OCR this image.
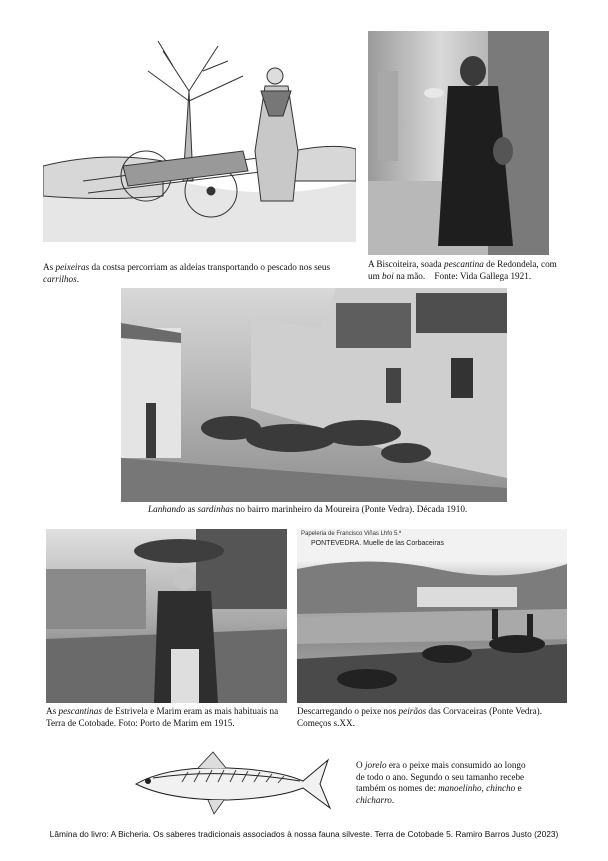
As peixeiras da costsa percorriam as aldeias transportando o pescado nos seus carrilhos.
A Biscoiteira, soada pescantina de Redondela, com um boi na mão. Fonte: Vida Gallega 1921.
Lanhando as sardinhas no bairro marinheiro da Moureira (Ponte Vedra). Década 1910.
Papeleria de Francisco Viñas Lhfo 5.ª
PONTEVEDRA. Muelle de las Corbaceiras
As pescantinas de Estrivela e Marim eram as mais habituais na Terra de Cotobade. Foto: Porto de Marim em 1915.
Descarregando o peixe nos peirãos das Corvaceiras (Ponte Vedra). Começos s.XX.
O jorelo era o peixe mais consumido ao longo de todo o ano. Segundo o seu tamanho recebe também os nomes de: manoelinho, chincho e chicharro.
Lâmina do livro: A Bicheria. Os saberes tradicionais associados à nossa fauna silveste. Terra de Cotobade 5. Ramiro Barros Justo (2023)
